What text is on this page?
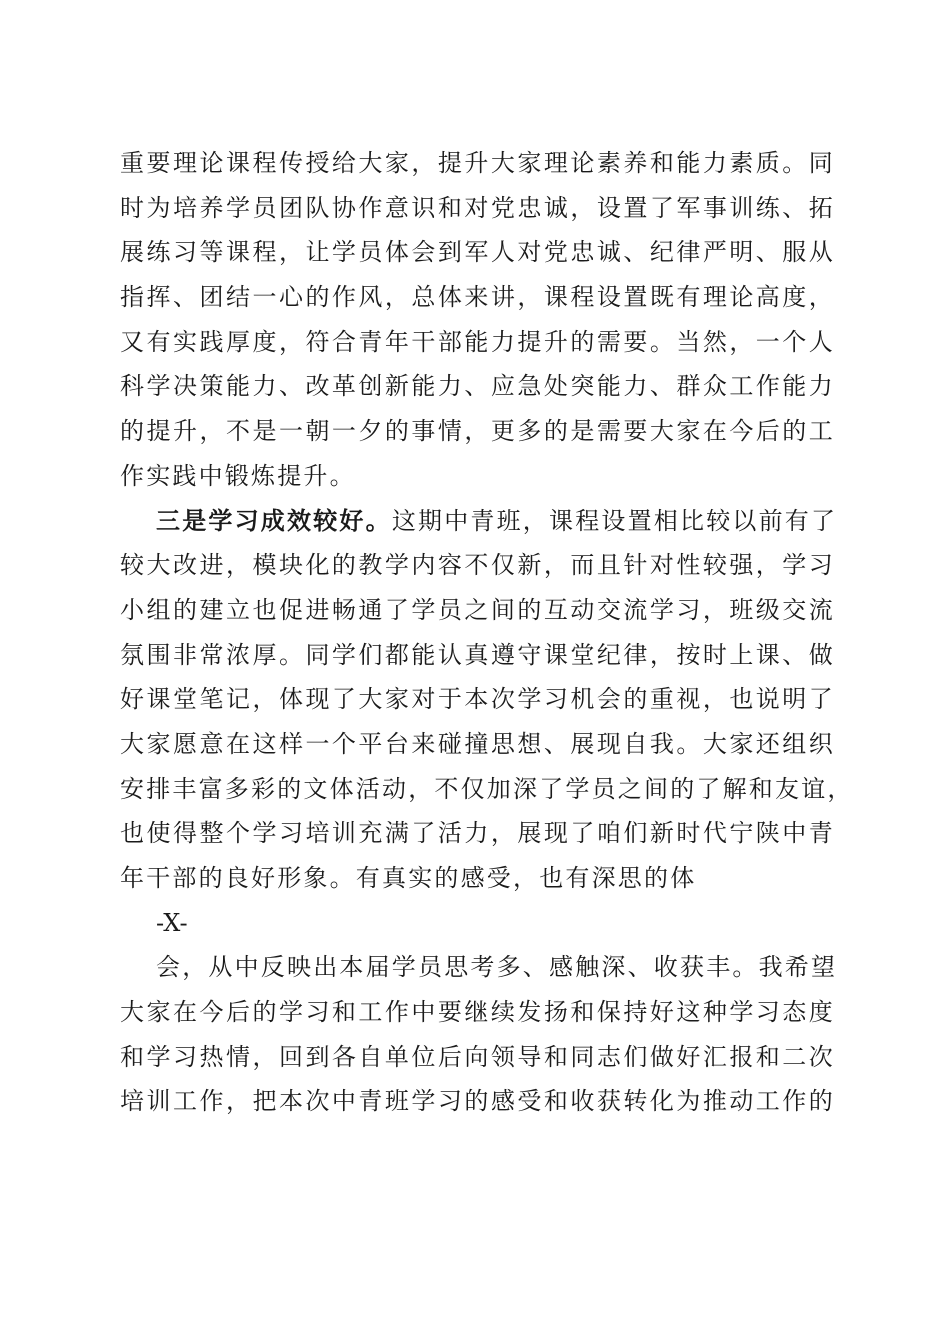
重要理论课程传授给大家，提升大家理论素养和能力素质。同
时为培养学员团队协作意识和对党忠诚，设置了军事训练、拓
展练习等课程，让学员体会到军人对党忠诚、纪律严明、服从
指挥、团结一心的作风，总体来讲，课程设置既有理论高度，
又有实践厚度，符合青年干部能力提升的需要。当然，一个人
科学决策能力、改革创新能力、应急处突能力、群众工作能力
的提升，不是一朝一夕的事情，更多的是需要大家在今后的工
作实践中锻炼提升。
三是学习成效较好。这期中青班，课程设置相比较以前有了
较大改进，模块化的教学内容不仅新，而且针对性较强，学习
小组的建立也促进畅通了学员之间的互动交流学习，班级交流
氛围非常浓厚。同学们都能认真遵守课堂纪律，按时上课、做
好课堂笔记，体现了大家对于本次学习机会的重视，也说明了
大家愿意在这样一个平台来碰撞思想、展现自我。大家还组织
安排丰富多彩的文体活动，不仅加深了学员之间的了解和友谊，
也使得整个学习培训充满了活力，展现了咱们新时代宁陕中青
年干部的良好形象。有真实的感受，也有深思的体
-X-
会，从中反映出本届学员思考多、感触深、收获丰。我希望
大家在今后的学习和工作中要继续发扬和保持好这种学习态度
和学习热情，回到各自单位后向领导和同志们做好汇报和二次
培训工作，把本次中青班学习的感受和收获转化为推动工作的
